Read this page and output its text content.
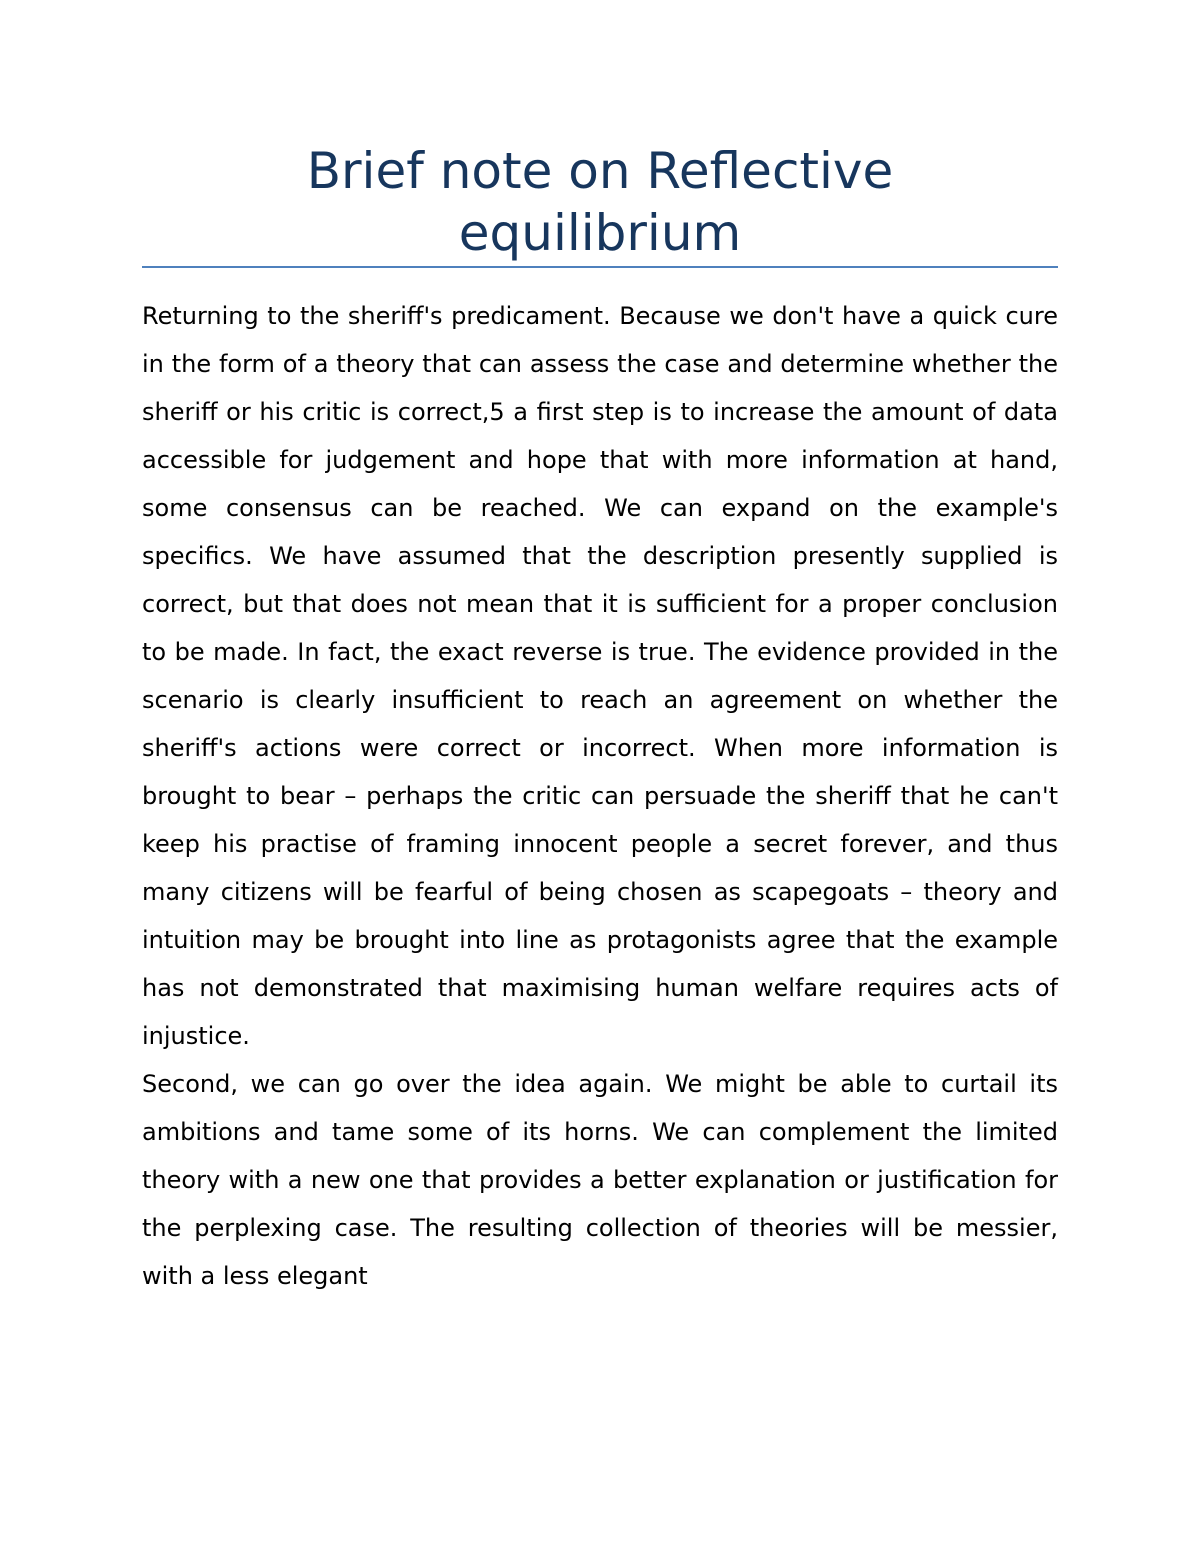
Brief note on Reflective
equilibrium

Returning to the sheriff's predicament. Because we don't have a quick cure in the form of a theory that can assess the case and determine whether the sheriff or his critic is correct,5 a first step is to increase the amount of data accessible for judgement and hope that with more information at hand, some consensus can be reached. We can expand on the example's specifics. We have assumed that the description presently supplied is correct, but that does not mean that it is sufficient for a proper conclusion to be made. In fact, the exact reverse is true. The evidence provided in the scenario is clearly insufficient to reach an agreement on whether the sheriff's actions were correct or incorrect. When more information is brought to bear – perhaps the critic can persuade the sheriff that he can't keep his practise of framing innocent people a secret forever, and thus many citizens will be fearful of being chosen as scapegoats – theory and intuition may be brought into line as protagonists agree that the example has not demonstrated that maximising human welfare requires acts of injustice.

Second, we can go over the idea again. We might be able to curtail its ambitions and tame some of its horns. We can complement the limited theory with a new one that provides a better explanation or justification for the perplexing case. The resulting collection of theories will be messier, with a less elegant
